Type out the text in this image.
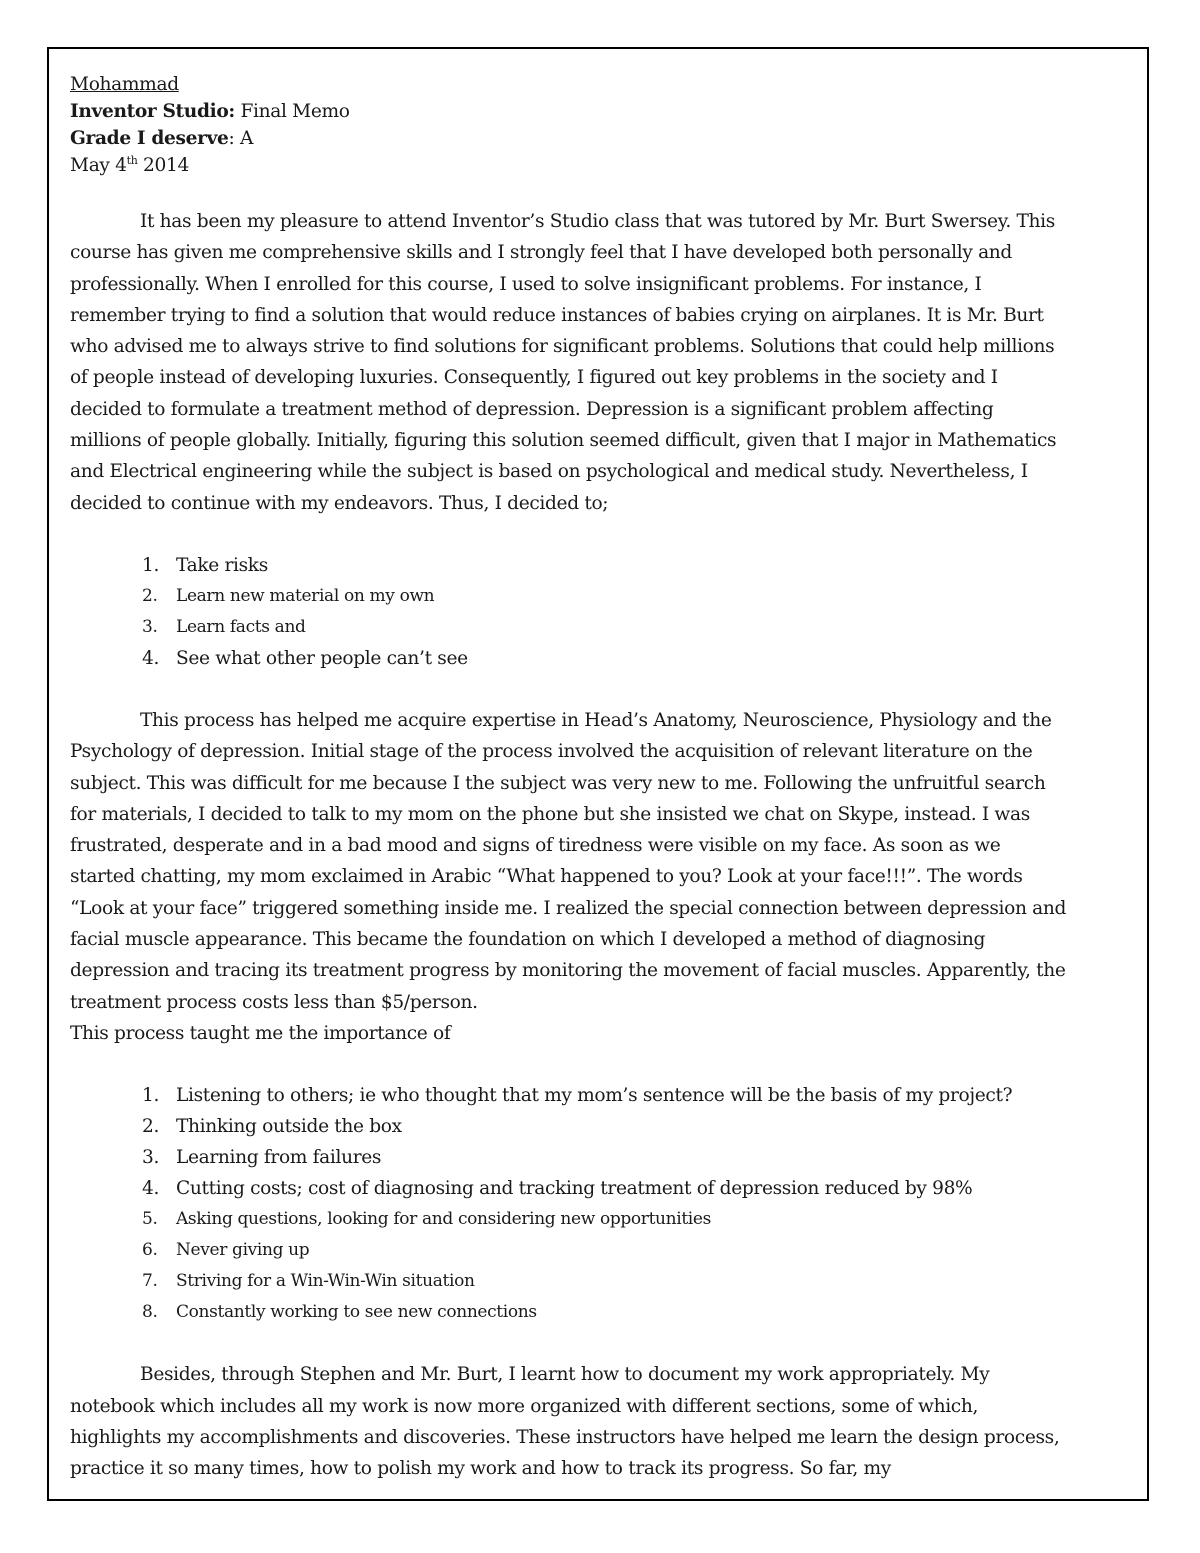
Mohammad
Inventor Studio: Final Memo
Grade I deserve: A
May 4th 2014

It has been my pleasure to attend Inventor’s Studio class that was tutored by Mr. Burt Swersey. This course has given me comprehensive skills and I strongly feel that I have developed both personally and professionally. When I enrolled for this course, I used to solve insignificant problems. For instance, I remember trying to find a solution that would reduce instances of babies crying on airplanes. It is Mr. Burt who advised me to always strive to find solutions for significant problems. Solutions that could help millions of people instead of developing luxuries. Consequently, I figured out key problems in the society and I decided to formulate a treatment method of depression. Depression is a significant problem affecting millions of people globally. Initially, figuring this solution seemed difficult, given that I major in Mathematics and Electrical engineering while the subject is based on psychological and medical study. Nevertheless, I decided to continue with my endeavors. Thus, I decided to;

1. Take risks
2.	Learn new material on my own
3.	Learn facts and
4. See what other people can’t see

This process has helped me acquire expertise in Head’s Anatomy, Neuroscience, Physiology and the Psychology of depression. Initial stage of the process involved the acquisition of relevant literature on the subject. This was difficult for me because I the subject was very new to me. Following the unfruitful search for materials, I decided to talk to my mom on the phone but she insisted we chat on Skype, instead. I was frustrated, desperate and in a bad mood and signs of tiredness were visible on my face. As soon as we started chatting, my mom exclaimed in Arabic “What happened to you? Look at your face!!!”. The words “Look at your face” triggered something inside me. I realized the special connection between depression and facial muscle appearance. This became the foundation on which I developed a method of diagnosing depression and tracing its treatment progress by monitoring the movement of facial muscles. Apparently, the treatment process costs less than $5/person.

This process taught me the importance of
1. Listening to others; ie who thought that my mom’s sentence will be the basis of my project?
2. Thinking outside the box
3. Learning from failures
4. Cutting costs; cost of diagnosing and tracking treatment of depression reduced by 98%
5.	Asking questions, looking for and considering new opportunities
6.	Never giving up
7.	Striving for a Win-Win-Win situation
8.	Constantly working to see new connections

Besides, through Stephen and Mr. Burt, I learnt how to document my work appropriately. My notebook which includes all my work is now more organized with different sections, some of which, highlights my accomplishments and discoveries. These instructors have helped me learn the design process, practice it so many times, how to polish my work and how to track its progress. So far, my
